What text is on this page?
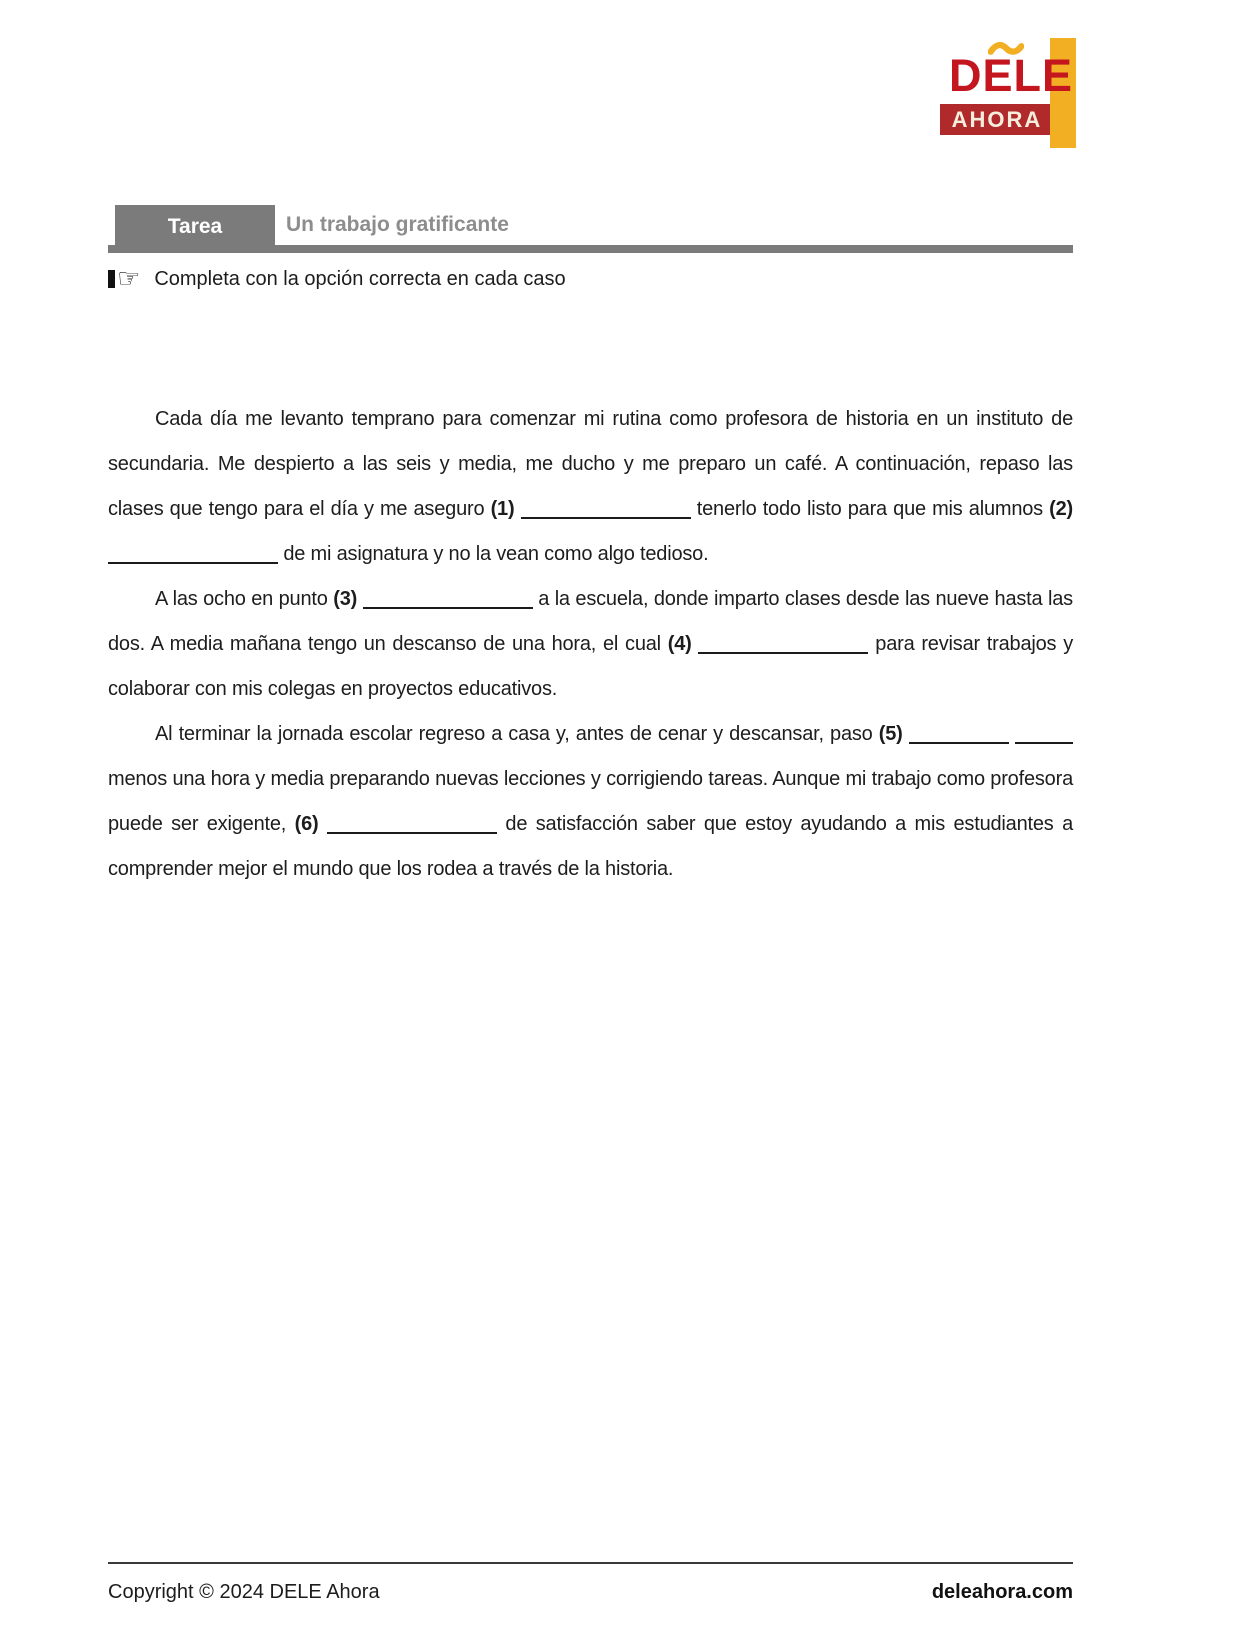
AHORA
DELE
Tarea	Un trabajo gratificante
☞ Completa con la opción correcta en cada caso

Cada día me levanto temprano para comenzar mi rutina como profesora de historia en un instituto de secundaria. Me despierto a las seis y media, me ducho y me preparo un café. A continuación, repaso las clases que tengo para el día y me aseguro (1)	tenerlo todo listo para que mis alumnos (2)  de mi asignatura y no la vean como algo tedioso.

A las ocho en punto (3)	a la escuela, donde imparto clases desde las nueve hasta las dos. A media mañana tengo un descanso de una hora, el cual (4)	para revisar trabajos y colaborar con mis colegas en proyectos educativos.

Al terminar la jornada escolar regreso a casa y, antes de cenar y descansar, paso (5)   menos una hora y media preparando nuevas lecciones y corrigiendo tareas. Aunque mi trabajo como profesora puede ser exigente, (6)	de satisfacción saber que estoy ayudando a mis estudiantes a comprender mejor el mundo que los rodea a través de la historia.

Copyright © 2024 DELE Ahora	deleahora.com
